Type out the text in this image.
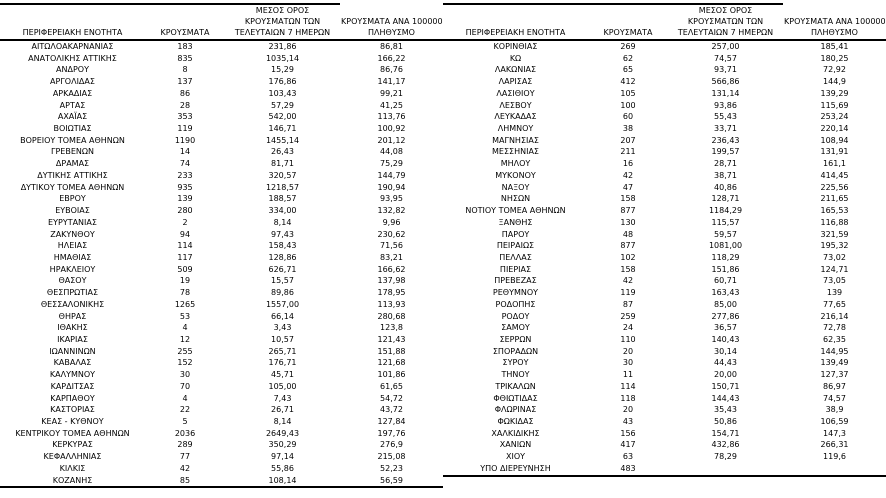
ΠΕΡΙΦΕΡΕΙΑΚΗ ΕΝΟΤΗΤΑ	ΚΡΟΥΣΜΑΤΑ	ΜΕΣΟΣ ΟΡΟΣ
ΚΡΟΥΣΜΑΤΩΝ ΤΩΝ
ΤΕΛΕΥΤΑΙΩΝ 7 ΗΜΕΡΩΝ	ΚΡΟΥΣΜΑΤΑ ΑΝΑ 100000
ΠΛΗΘΥΣΜΟ

ΑΙΤΩΛΟΑΚΑΡΝΑΝΙΑΣ	183	231,86	86,81
ΑΝΑΤΟΛΙΚΗΣ ΑΤΤΙΚΗΣ	835	1035,14	166,22
ΑΝΔΡΟΥ	8	15,29	86,76
ΑΡΓΟΛΙΔΑΣ	137	176,86	141,17
ΑΡΚΑΔΙΑΣ	86	103,43	99,21
ΑΡΤΑΣ	28	57,29	41,25
ΑΧΑΪΑΣ	353	542,00	113,76
ΒΟΙΩΤΙΑΣ	119	146,71	100,92
ΒΟΡΕΙΟΥ ΤΟΜΕΑ ΑΘΗΝΩΝ	1190	1455,14	201,12
ΓΡΕΒΕΝΩΝ	14	26,43	44,08
ΔΡΑΜΑΣ	74	81,71	75,29
ΔΥΤΙΚΗΣ ΑΤΤΙΚΗΣ	233	320,57	144,79
ΔΥΤΙΚΟΥ ΤΟΜΕΑ ΑΘΗΝΩΝ	935	1218,57	190,94
ΕΒΡΟΥ	139	188,57	93,95
ΕΥΒΟΙΑΣ	280	334,00	132,82
ΕΥΡΥΤΑΝΙΑΣ	2	8,14	9,96
ΖΑΚΥΝΘΟΥ	94	97,43	230,62
ΗΛΕΙΑΣ	114	158,43	71,56
ΗΜΑΘΙΑΣ	117	128,86	83,21
ΗΡΑΚΛΕΙΟΥ	509	626,71	166,62
ΘΑΣΟΥ	19	15,57	137,98
ΘΕΣΠΡΩΤΙΑΣ	78	89,86	178,95
ΘΕΣΣΑΛΟΝΙΚΗΣ	1265	1557,00	113,93
ΘΗΡΑΣ	53	66,14	280,68
ΙΘΑΚΗΣ	4	3,43	123,8
ΙΚΑΡΙΑΣ	12	10,57	121,43
ΙΩΑΝΝΙΝΩΝ	255	265,71	151,88
ΚΑΒΑΛΑΣ	152	176,71	121,68
ΚΑΛΥΜΝΟΥ	30	45,71	101,86
ΚΑΡΔΙΤΣΑΣ	70	105,00	61,65
ΚΑΡΠΑΘΟΥ	4	7,43	54,72
ΚΑΣΤΟΡΙΑΣ	22	26,71	43,72
ΚΕΑΣ - ΚΥΘΝΟΥ	5	8,14	127,84
ΚΕΝΤΡΙΚΟΥ ΤΟΜΕΑ ΑΘΗΝΩΝ	2036	2649,43	197,76
ΚΕΡΚΥΡΑΣ	289	350,29	276,9
ΚΕΦΑΛΛΗΝΙΑΣ	77	97,14	215,08
ΚΙΛΚΙΣ	42	55,86	52,23
ΚΟΖΑΝΗΣ	85	108,14	56,59
ΠΕΡΙΦΕΡΕΙΑΚΗ ΕΝΟΤΗΤΑ	ΚΡΟΥΣΜΑΤΑ	ΜΕΣΟΣ ΟΡΟΣ
ΚΡΟΥΣΜΑΤΩΝ ΤΩΝ
ΤΕΛΕΥΤΑΙΩΝ 7 ΗΜΕΡΩΝ	ΚΡΟΥΣΜΑΤΑ ΑΝΑ 100000
ΠΛΗΘΥΣΜΟ

ΚΟΡΙΝΘΙΑΣ	269	257,00	185,41
ΚΩ	62	74,57	180,25
ΛΑΚΩΝΙΑΣ	65	93,71	72,92
ΛΑΡΙΣΑΣ	412	566,86	144,9
ΛΑΣΙΘΙΟΥ	105	131,14	139,29
ΛΕΣΒΟΥ	100	93,86	115,69
ΛΕΥΚΑΔΑΣ	60	55,43	253,24
ΛΗΜΝΟΥ	38	33,71	220,14
ΜΑΓΝΗΣΙΑΣ	207	236,43	108,94
ΜΕΣΣΗΝΙΑΣ	211	199,57	131,91
ΜΗΛΟΥ	16	28,71	161,1
ΜΥΚΟΝΟΥ	42	38,71	414,45
ΝΑΞΟΥ	47	40,86	225,56
ΝΗΣΩΝ	158	128,71	211,65
ΝΟΤΙΟΥ ΤΟΜΕΑ ΑΘΗΝΩΝ	877	1184,29	165,53
ΞΑΝΘΗΣ	130	115,57	116,88
ΠΑΡΟΥ	48	59,57	321,59
ΠΕΙΡΑΙΩΣ	877	1081,00	195,32
ΠΕΛΛΑΣ	102	118,29	73,02
ΠΙΕΡΙΑΣ	158	151,86	124,71
ΠΡΕΒΕΖΑΣ	42	60,71	73,05
ΡΕΘΥΜΝΟΥ	119	163,43	139
ΡΟΔΟΠΗΣ	87	85,00	77,65
ΡΟΔΟΥ	259	277,86	216,14
ΣΑΜΟΥ	24	36,57	72,78
ΣΕΡΡΩΝ	110	140,43	62,35
ΣΠΟΡΑΔΩΝ	20	30,14	144,95
ΣΥΡΟΥ	30	44,43	139,49
ΤΗΝΟΥ	11	20,00	127,37
ΤΡΙΚΑΛΩΝ	114	150,71	86,97
ΦΘΙΩΤΙΔΑΣ	118	144,43	74,57
ΦΛΩΡΙΝΑΣ	20	35,43	38,9
ΦΩΚΙΔΑΣ	43	50,86	106,59
ΧΑΛΚΙΔΙΚΗΣ	156	154,71	147,3
ΧΑΝΙΩΝ	417	432,86	266,31
ΧΙΟΥ	63	78,29	119,6
ΥΠΟ ΔΙΕΡΕΥΝΗΣΗ	483		
